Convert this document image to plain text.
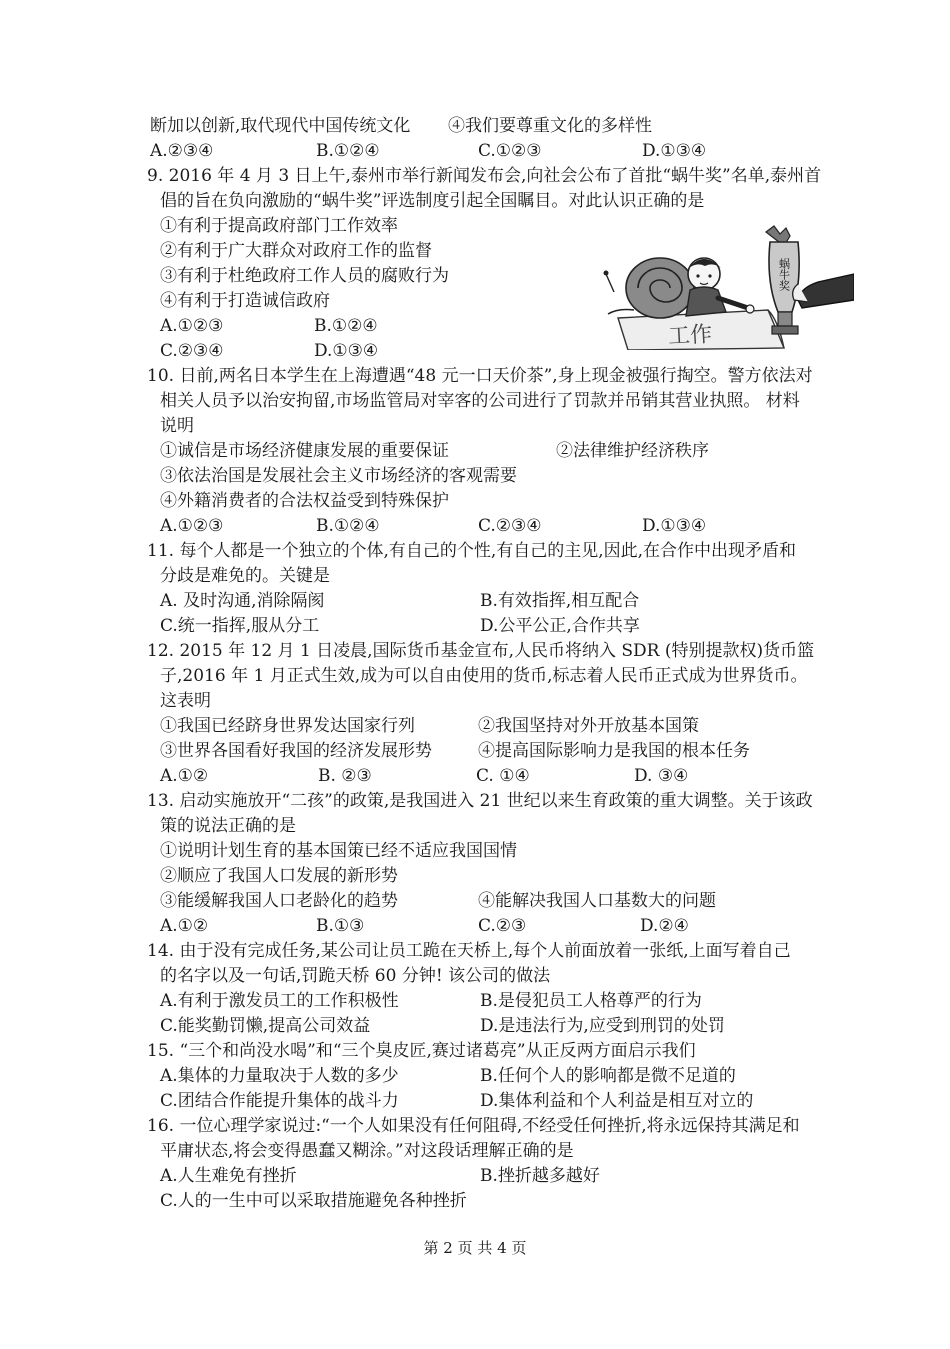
断加以创新,取代现代中国传统文化 ④我们要尊重文化的多样性
A.②③④	B.①②④	C.①②③	D.①③④
9. 2016 年 4 月 3 日上午,泰州市举行新闻发布会,向社会公布了首批“蜗牛奖”名单,泰州首
倡的旨在负向激励的“蜗牛奖”评选制度引起全国瞩目。对此认识正确的是
①有利于提高政府部门工作效率
②有利于广大群众对政府工作的监督
③有利于杜绝政府工作人员的腐败行为
④有利于打造诚信政府
A.①②③	B.①②④
C.②③④	D.①③④
工作
蜗牛奖
10. 日前,两名日本学生在上海遭遇“48 元一口天价茶”,身上现金被强行掏空。警方依法对
相关人员予以治安拘留,市场监管局对宰客的公司进行了罚款并吊销其营业执照。 材料
说明
①诚信是市场经济健康发展的重要保证	②法律维护经济秩序
③依法治国是发展社会主义市场经济的客观需要
④外籍消费者的合法权益受到特殊保护
A.①②③	B.①②④	C.②③④	D.①③④
11. 每个人都是一个独立的个体,有自己的个性,有自己的主见,因此,在合作中出现矛盾和
分歧是难免的。关键是
A. 及时沟通,消除隔阂	B.有效指挥,相互配合
C.统一指挥,服从分工	D.公平公正,合作共享
12. 2015 年 12 月 1 日凌晨,国际货币基金宣布,人民币将纳入 SDR (特别提款权)货币篮
子,2016 年 1 月正式生效,成为可以自由使用的货币,标志着人民币正式成为世界货币。
这表明
①我国已经跻身世界发达国家行列	②我国坚持对外开放基本国策
③世界各国看好我国的经济发展形势	④提高国际影响力是我国的根本任务
A.①②	B. ②③	C. ①④	D. ③④
13. 启动实施放开“二孩”的政策,是我国进入 21 世纪以来生育政策的重大调整。关于该政
策的说法正确的是
①说明计划生育的基本国策已经不适应我国国情
②顺应了我国人口发展的新形势
③能缓解我国人口老龄化的趋势	④能解决我国人口基数大的问题
A.①②	B.①③	C.②③	D.②④
14. 由于没有完成任务,某公司让员工跪在天桥上,每个人前面放着一张纸,上面写着自己
的名字以及一句话,罚跪天桥 60 分钟! 该公司的做法
A.有利于激发员工的工作积极性	B.是侵犯员工人格尊严的行为
C.能奖勤罚懒,提高公司效益	D.是违法行为,应受到刑罚的处罚
15. “三个和尚没水喝”和“三个臭皮匠,赛过诸葛亮”从正反两方面启示我们
A.集体的力量取决于人数的多少	B.任何个人的影响都是微不足道的
C.团结合作能提升集体的战斗力	D.集体利益和个人利益是相互对立的
16. 一位心理学家说过:“一个人如果没有任何阻碍,不经受任何挫折,将永远保持其满足和
平庸状态,将会变得愚蠢又糊涂。”对这段话理解正确的是
A.人生难免有挫折	B.挫折越多越好
C.人的一生中可以采取措施避免各种挫折
第 2 页 共 4 页
